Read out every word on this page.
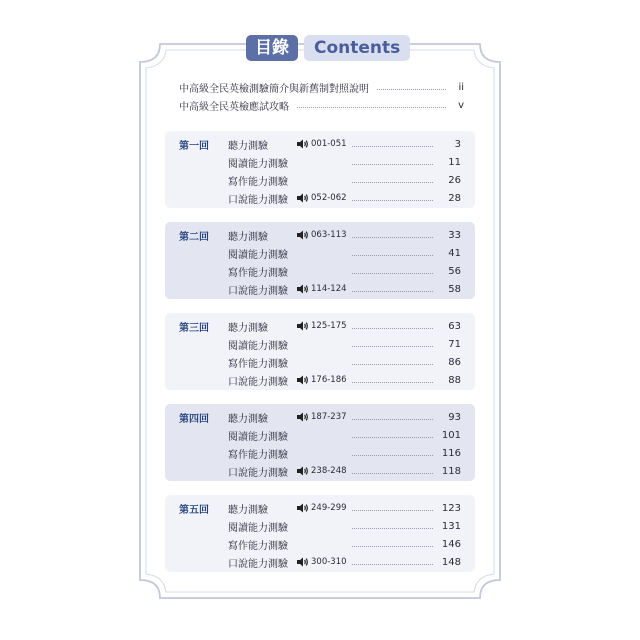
目錄	Contents
中高級全民英檢測驗簡介與新舊制對照說明	ii
中高級全民英檢應試攻略	v
第一回 聽力測驗	001-051	3
閱讀能力測驗	11
寫作能力測驗	26
口說能力測驗	052-062	28
第二回 聽力測驗	063-113	33
閱讀能力測驗	41
寫作能力測驗	56
口說能力測驗	114-124	58
第三回 聽力測驗	125-175	63
閱讀能力測驗	71
寫作能力測驗	86
口說能力測驗	176-186	88
第四回 聽力測驗	187-237	93
閱讀能力測驗	101
寫作能力測驗	116
口說能力測驗	238-248	118
第五回 聽力測驗	249-299	123
閱讀能力測驗	131
寫作能力測驗	146
口說能力測驗	300-310	148
